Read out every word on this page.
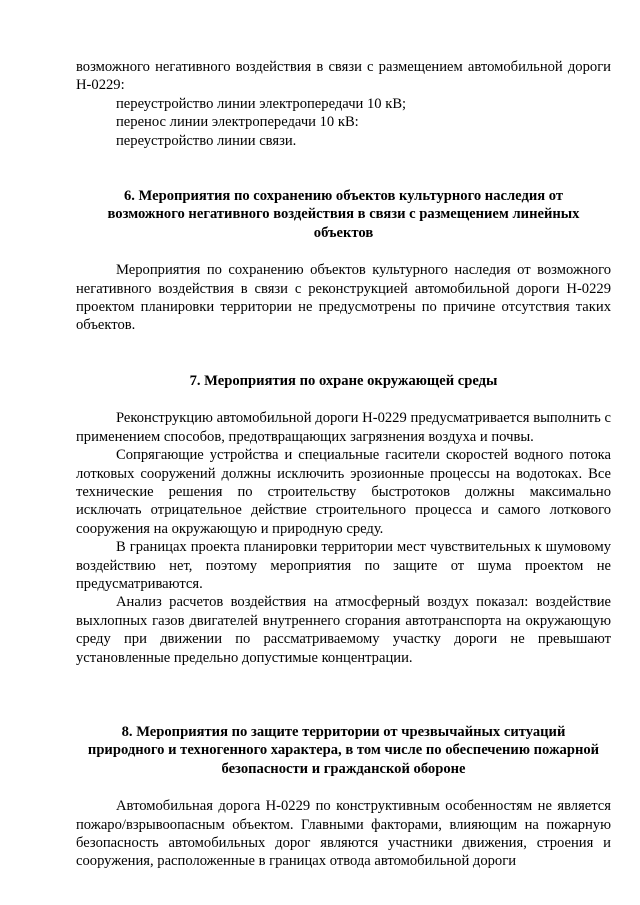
возможного негативного воздействия в связи с размещением автомобильной дороги Н-0229:

переустройство линии электропередачи 10 кВ;

перенос линии электропередачи 10 кВ:

переустройство линии связи.

6. Мероприятия по сохранению объектов культурного наследия от возможного негативного воздействия в связи с размещением линейных объектов

Мероприятия по сохранению объектов культурного наследия от возможного негативного воздействия в связи с реконструкцией автомобильной дороги Н-0229 проектом планировки территории не предусмотрены по причине отсутствия таких объектов.

7. Мероприятия по охране окружающей среды

Реконструкцию автомобильной дороги Н-0229 предусматривается выполнить с применением способов, предотвращающих загрязнения воздуха и почвы.

Сопрягающие устройства и специальные гасители скоростей водного потока лотковых сооружений должны исключить эрозионные процессы на водотоках. Все технические решения по строительству быстротоков должны максимально исключать отрицательное действие строительного процесса и самого лоткового сооружения на окружающую и природную среду.

В границах проекта планировки территории мест чувствительных к шумовому воздействию нет, поэтому мероприятия по защите от шума проектом не предусматриваются.

Анализ расчетов воздействия на атмосферный воздух показал: воздействие выхлопных газов двигателей внутреннего сгорания автотранспорта на окружающую среду при движении по рассматриваемому участку дороги не превышают установленные предельно допустимые концентрации.

8. Мероприятия по защите территории от чрезвычайных ситуаций природного и техногенного характера, в том числе по обеспечению пожарной безопасности и гражданской обороне

Автомобильная дорога Н-0229 по конструктивным особенностям не является пожаро/взрывоопасным объектом. Главными факторами, влияющим на пожарную безопасность автомобильных дорог являются участники движения, строения и сооружения, расположенные в границах отвода автомобильной дороги
